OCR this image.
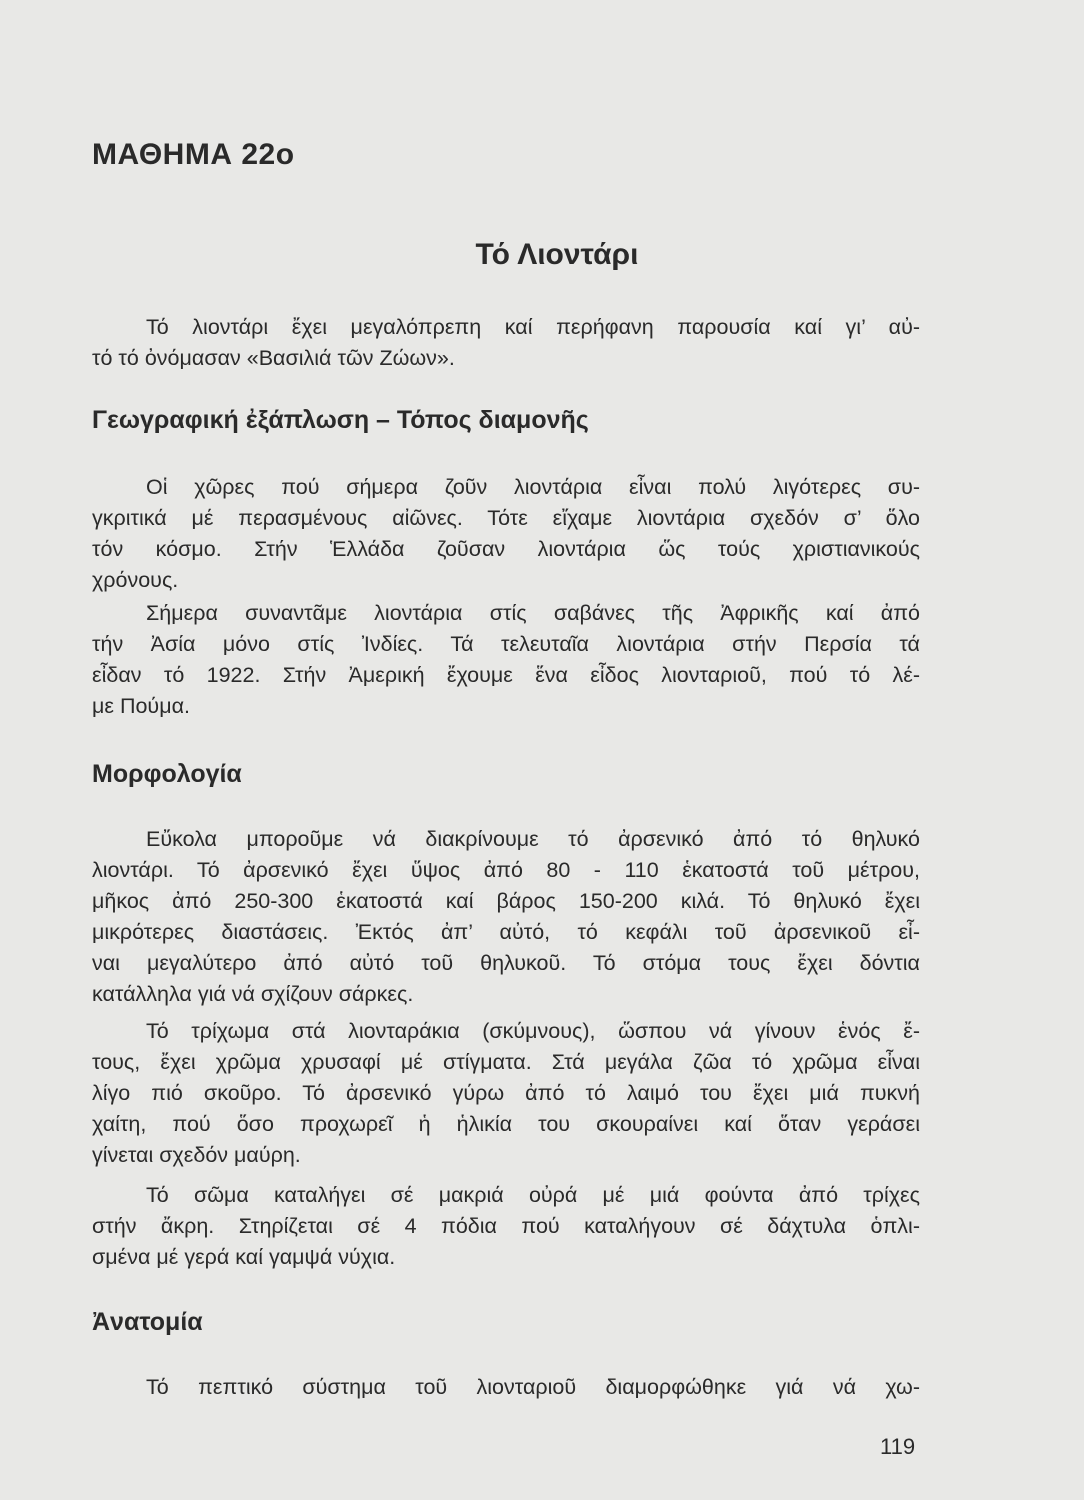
ΜΑΘΗΜΑ 22ο
Τό Λιοντάρι

Τό λιοντάρι ἔχει μεγαλόπρεπη καί περήφανη παρουσία καί γι’ αὐ-
τό τό ὀνόμασαν «Βασιλιά τῶν Ζώων».

Γεωγραφική ἐξάπλωση – Τόπος διαμονῆς

Οἱ χῶρες πού σήμερα ζοῦν λιοντάρια εἶναι πολύ λιγότερες συ-
γκριτικά μέ περασμένους αἰῶνες. Τότε εἴχαμε λιοντάρια σχεδόν σ’ ὅλο
τόν κόσμο. Στήν Ἑλλάδα ζοῦσαν λιοντάρια ὥς τούς χριστιανικούς
χρόνους.

Σήμερα συναντᾶμε λιοντάρια στίς σαβάνες τῆς Ἀφρικῆς καί ἀπό
τήν Ἀσία μόνο στίς Ἰνδίες. Τά τελευταῖα λιοντάρια στήν Περσία τά
εἶδαν τό 1922. Στήν Ἀμερική ἔχουμε ἕνα εἶδος λιονταριοῦ, πού τό λέ-
με Πούμα.

Μορφολογία

Εὔκολα μποροῦμε νά διακρίνουμε τό ἀρσενικό ἀπό τό θηλυκό
λιοντάρι. Τό ἀρσενικό ἔχει ὕψος ἀπό 80 - 110 ἑκατοστά τοῦ μέτρου,
μῆκος ἀπό 250-300 ἑκατοστά καί βάρος 150-200 κιλά. Τό θηλυκό ἔχει
μικρότερες διαστάσεις. Ἐκτός ἀπ’ αὐτό, τό κεφάλι τοῦ ἀρσενικοῦ εἶ-
ναι μεγαλύτερο ἀπό αὐτό τοῦ θηλυκοῦ. Τό στόμα τους ἔχει δόντια
κατάλληλα γιά νά σχίζουν σάρκες.

Τό τρίχωμα στά λιονταράκια (σκύμνους), ὥσπου νά γίνουν ἑνός ἔ-
τους, ἔχει χρῶμα χρυσαφί μέ στίγματα. Στά μεγάλα ζῶα τό χρῶμα εἶναι
λίγο πιό σκοῦρο. Τό ἀρσενικό γύρω ἀπό τό λαιμό του ἔχει μιά πυκνή
χαίτη, πού ὅσο προχωρεῖ ἡ ἡλικία του σκουραίνει καί ὅταν γεράσει
γίνεται σχεδόν μαύρη.

Τό σῶμα καταλήγει σέ μακριά οὐρά μέ μιά φούντα ἀπό τρίχες
στήν ἄκρη. Στηρίζεται σέ 4 πόδια πού καταλήγουν σέ δάχτυλα ὁπλι-
σμένα μέ γερά καί γαμψά νύχια.

Ἀνατομία

Τό πεπτικό σύστημα τοῦ λιονταριοῦ διαμορφώθηκε γιά νά χω-

119
